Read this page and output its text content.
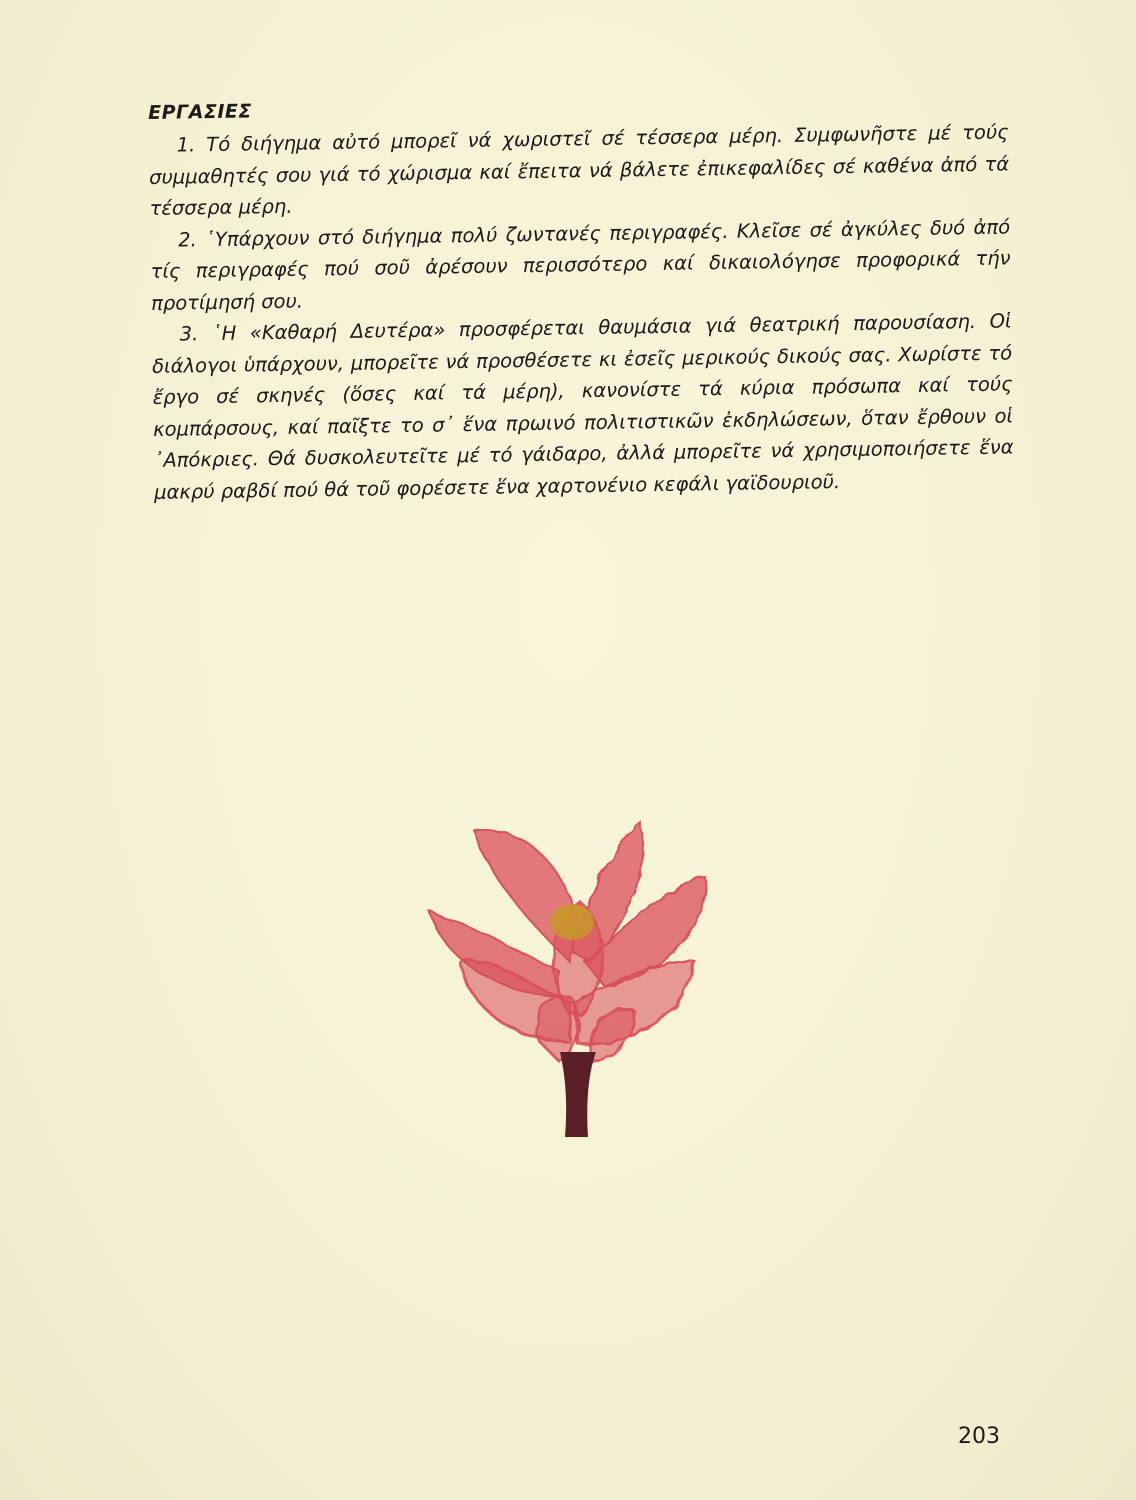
ΕΡΓΑΣΙΕΣ

1. Τό διήγημα αὐτό μπορεῖ νά χωριστεῖ σέ τέσσερα μέρη. Συμφωνῆστε μέ τούς συμμαθητές σου γιά τό χώρισμα καί ἔπειτα νά βάλετε ἐπικεφαλίδες σέ καθένα ἀπό τά τέσσερα μέρη.

2. ῾Υπάρχουν στό διήγημα πολύ ζωντανές περιγραφές. Κλεῖσε σέ ἀγκύλες δυό ἀπό τίς περιγραφές πού σοῦ ἀρέσουν περισσότερο καί δικαιολόγησε προφορικά τήν προτίμησή σου.

3. ῾Η «Καθαρή Δευτέρα» προσφέρεται θαυμάσια γιά θεατρική παρουσίαση. Οἱ διάλογοι ὑπάρχουν, μπορεῖτε νά προσθέσετε κι ἐσεῖς μερικούς δικούς σας. Χωρίστε τό ἔργο σέ σκηνές (ὅσες καί τά μέρη), κανονίστε τά κύρια πρόσωπα καί τούς κομπάρσους, καί παῖξτε το σ᾿ ἕνα πρωινό πολιτιστικῶν ἐκδηλώσεων, ὅταν ἔρθουν οἱ ᾿Απόκριες. Θά δυσκολευτεῖτε μέ τό γάιδαρο, ἀλλά μπορεῖτε νά χρησιμοποιήσετε ἕνα μακρύ ραβδί πού θά τοῦ φορέσετε ἕνα χαρτονένιο κεφάλι γαϊδουριοῦ.

203
